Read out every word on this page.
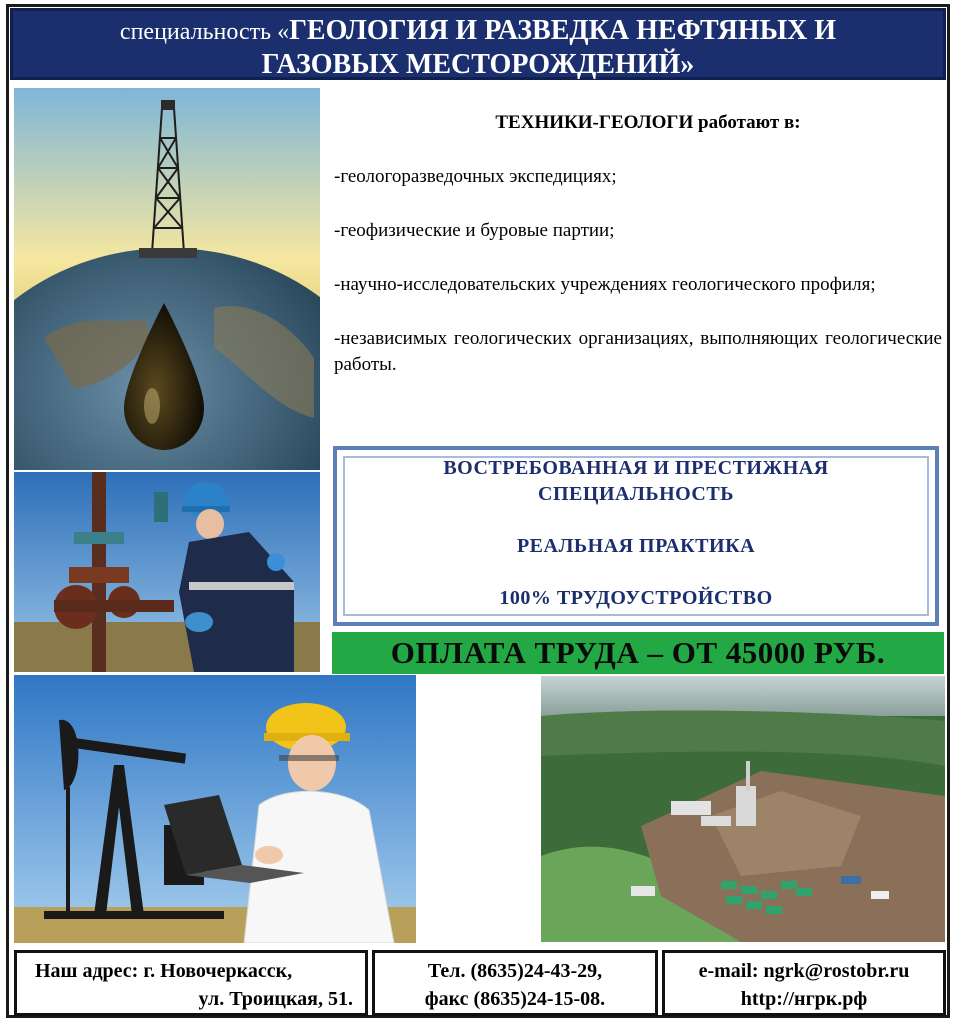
специальность «ГЕОЛОГИЯ И РАЗВЕДКА НЕФТЯНЫХ И
ГАЗОВЫХ МЕСТОРОЖДЕНИЙ»
ТЕХНИКИ-ГЕОЛОГИ работают в:
-геологоразведочных экспедициях;
-геофизические и буровые партии;
-научно-исследовательских учреждениях геологического профиля;
-независимых геологических организациях, выполняющих геологические работы.
ВОСТРЕБОВАННАЯ И ПРЕСТИЖНАЯ
СПЕЦИАЛЬНОСТЬ
РЕАЛЬНАЯ ПРАКТИКА
100% ТРУДОУСТРОЙСТВО
ОПЛАТА ТРУДА – ОТ 45000 РУБ.
Наш адрес: г. Новочеркасск,
ул. Троицкая, 51.
Тел. (8635)24-43-29,
факс (8635)24-15-08.
e-mail: ngrk@rostobr.ru
http://нгрк.рф
